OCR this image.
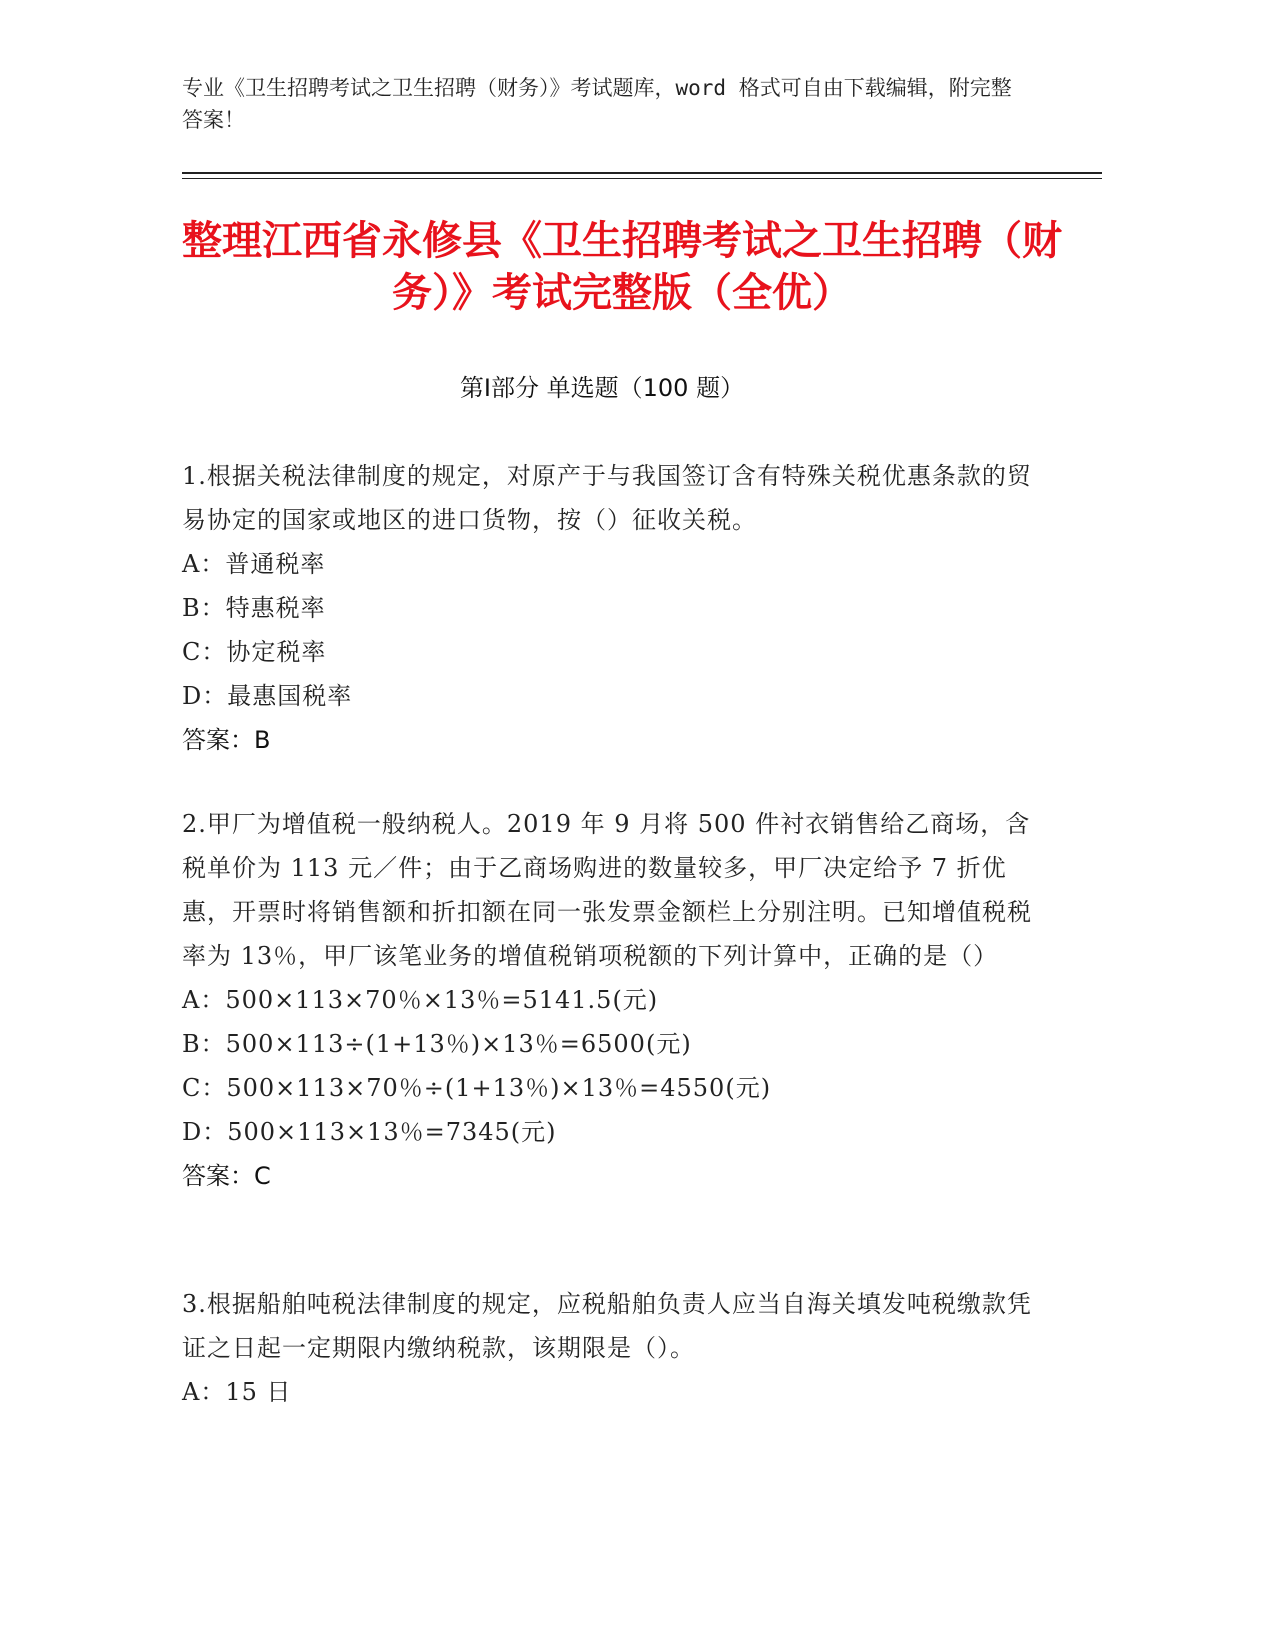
专业《卫生招聘考试之卫生招聘（财务）》考试题库，word 格式可自由下载编辑，附完整答案！
整理江西省永修县《卫生招聘考试之卫生招聘（财务）》考试完整版（全优）
第Ⅰ部分 单选题（100 题）
1.根据关税法律制度的规定，对原产于与我国签订含有特殊关税优惠条款的贸易协定的国家或地区的进口货物，按（）征收关税。
A：普通税率
B：特惠税率
C：协定税率
D：最惠国税率
答案：B
2.甲厂为增值税一般纳税人。2019 年 9 月将 500 件衬衣销售给乙商场，含税单价为 113 元／件；由于乙商场购进的数量较多，甲厂决定给予 7 折优惠，开票时将销售额和折扣额在同一张发票金额栏上分别注明。已知增值税税率为 13％，甲厂该笔业务的增值税销项税额的下列计算中，正确的是（）
A：500×113×70％×13％=5141.5(元)
B：500×113÷(1+13％)×13％=6500(元)
C：500×113×70％÷(1+13％)×13％=4550(元)
D：500×113×13％=7345(元)
答案：C
3.根据船舶吨税法律制度的规定，应税船舶负责人应当自海关填发吨税缴款凭证之日起一定期限内缴纳税款，该期限是（）。
A：15 日
